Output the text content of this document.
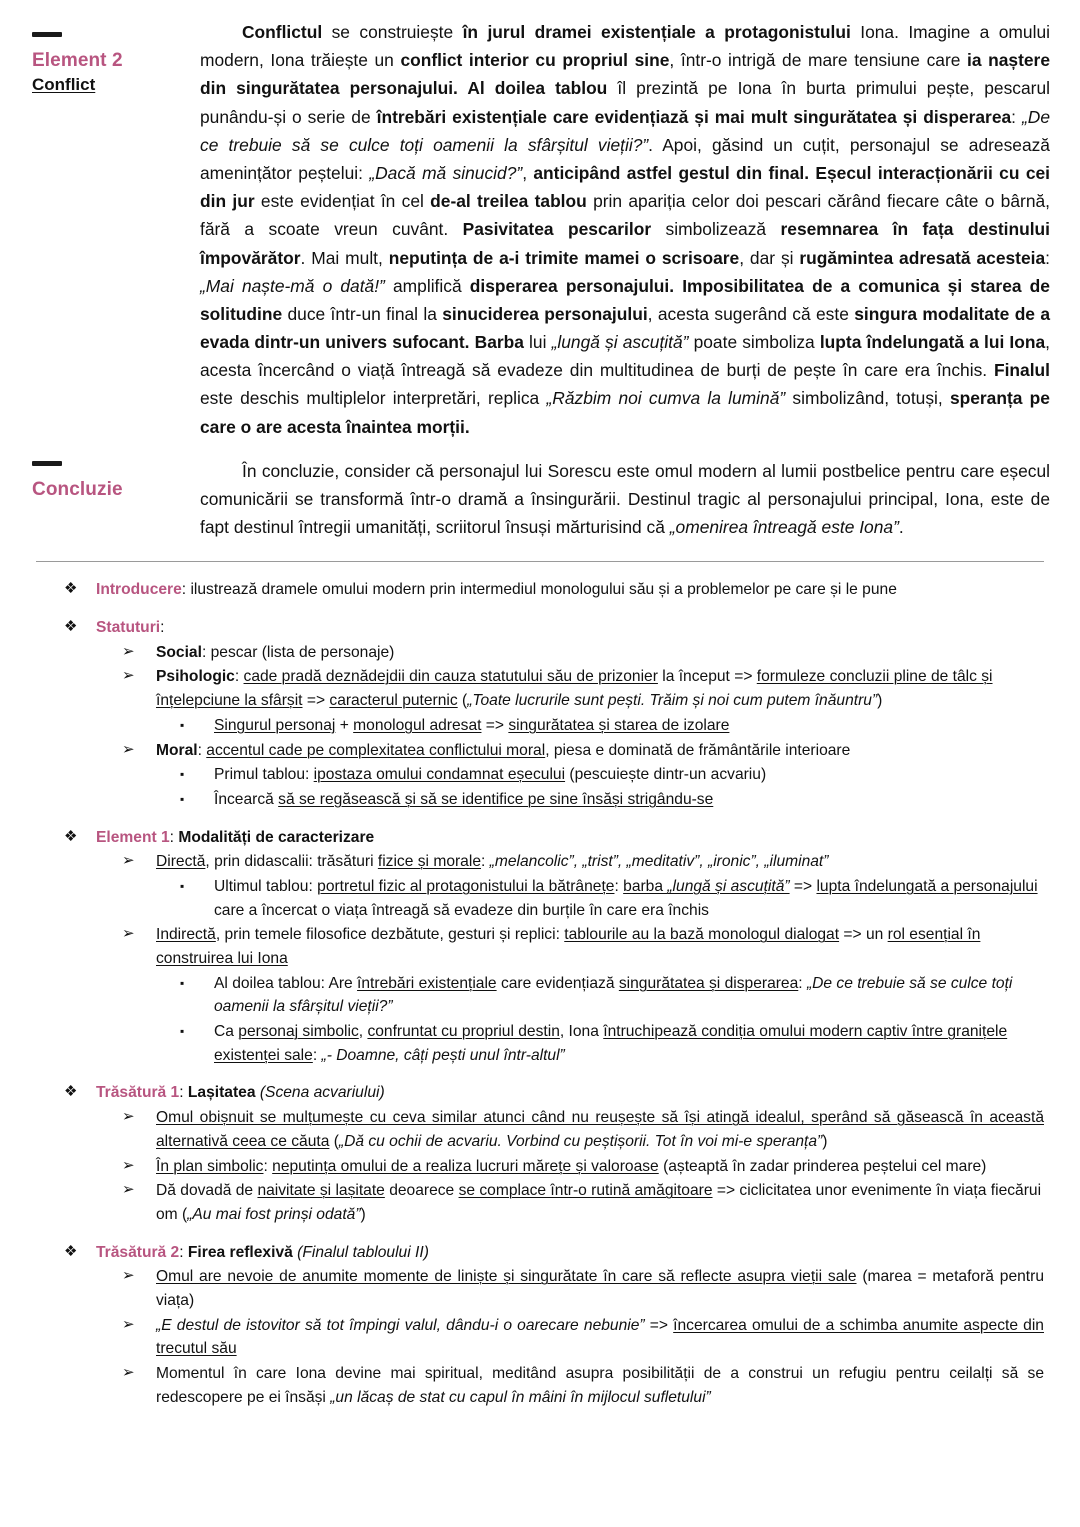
Element 2
Conflict

Conflictul se construiește în jurul dramei existențiale a protagonistului Iona. Imagine a omului modern, Iona trăiește un conflict interior cu propriul sine, într-o intrigă de mare tensiune care ia naștere din singurătatea personajului. Al doilea tablou îl prezintă pe Iona în burta primului pește, pescarul punându-și o serie de întrebări existențiale care evidențiază și mai mult singurătatea și disperarea: „De ce trebuie să se culce toți oamenii la sfârșitul vieții?”. Apoi, găsind un cuțit, personajul se adresează amenințător peștelui: „Dacă mă sinucid?”, anticipând astfel gestul din final. Eșecul interacționării cu cei din jur este evidențiat în cel de-al treilea tablou prin apariția celor doi pescari cărând fiecare câte o bârnă, fără a scoate vreun cuvânt. Pasivitatea pescarilor simbolizează resemnarea în fața destinului împovărător. Mai mult, neputința de a-i trimite mamei o scrisoare, dar și rugămintea adresată acesteia: „Mai naște-mă o dată!” amplifică disperarea personajului. Imposibilitatea de a comunica și starea de solitudine duce într-un final la sinuciderea personajului, acesta sugerând că este singura modalitate de a evada dintr-un univers sufocant. Barba lui „lungă și ascuțită” poate simboliza lupta îndelungată a lui Iona, acesta încercând o viață întreagă să evadeze din multitudinea de burți de pește în care era închis. Finalul este deschis multiplelor interpretări, replica „Răzbim noi cumva la lumină” simbolizând, totuși, speranța pe care o are acesta înaintea morții.

Concluzie

În concluzie, consider că personajul lui Sorescu este omul modern al lumii postbelice pentru care eșecul comunicării se transformă într-o dramă a însingurării. Destinul tragic al personajului principal, Iona, este de fapt destinul întregii umanități, scriitorul însuși mărturisind că „omenirea întreagă este Iona”.

❖	Introducere: ilustrează dramele omului modern prin intermediul monologului său și a problemelor pe care și le pune
❖	Statuturi:
➢	Social: pescar (lista de personaje)
➢	Psihologic: cade pradă deznădejdii din cauza statutului său de prizonier la început => formuleze concluzii pline de tâlc și înțelepciune la sfârșit => caracterul puternic („Toate lucrurile sunt pești. Trăim și noi cum putem înăuntru”)
▪	Singurul personaj + monologul adresat => singurătatea și starea de izolare
➢	Moral: accentul cade pe complexitatea conflictului moral, piesa e dominată de frământările interioare
▪	Primul tablou: ipostaza omului condamnat eșecului (pescuiește dintr-un acvariu)
▪	Încearcă să se regăsească și să se identifice pe sine însăși strigându-se
❖	Element 1: Modalități de caracterizare
➢	Directă, prin didascalii: trăsături fizice și morale: „melancolic”, „trist”, „meditativ”, „ironic”, „iluminat”
▪	Ultimul tablou: portretul fizic al protagonistului la bătrânețe: barba „lungă și ascuțită” => lupta îndelungată a personajului care a încercat o viața întreagă să evadeze din burțile în care era închis
➢	Indirectă, prin temele filosofice dezbătute, gesturi și replici: tablourile au la bază monologul dialogat => un rol esențial în construirea lui Iona
▪	Al doilea tablou: Are întrebări existențiale care evidențiază singurătatea și disperarea: „De ce trebuie să se culce toți oamenii la sfârșitul vieții?”
▪	Ca personaj simbolic, confruntat cu propriul destin, Iona întruchipează condiția omului modern captiv între granițele existenței sale: „- Doamne, câți pești unul într-altul”
❖	Trăsătură 1: Lașitatea (Scena acvariului)
➢	Omul obișnuit se mulțumește cu ceva similar atunci când nu reușește să își atingă idealul, sperând să găsească în această alternativă ceea ce căuta („Dă cu ochii de acvariu. Vorbind cu peștișorii. Tot în voi mi-e speranța”)
➢	În plan simbolic: neputința omului de a realiza lucruri mărețe și valoroase (așteaptă în zadar prinderea peștelui cel mare)
➢	Dă dovadă de naivitate și lașitate deoarece se complace într-o rutină amăgitoare => ciclicitatea unor evenimente în viața fiecărui om („Au mai fost prinși odată”)
❖	Trăsătură 2: Firea reflexivă (Finalul tabloului II)
➢	Omul are nevoie de anumite momente de liniște și singurătate în care să reflecte asupra vieții sale (marea = metaforă pentru viața)
➢	„E destul de istovitor să tot împingi valul, dându-i o oarecare nebunie” => încercarea omului de a schimba anumite aspecte din trecutul său
➢	Momentul în care Iona devine mai spiritual, meditând asupra posibilității de a construi un refugiu pentru ceilalți să se redescopere pe ei însăși „un lăcaș de stat cu capul în mâini în mijlocul sufletului”
